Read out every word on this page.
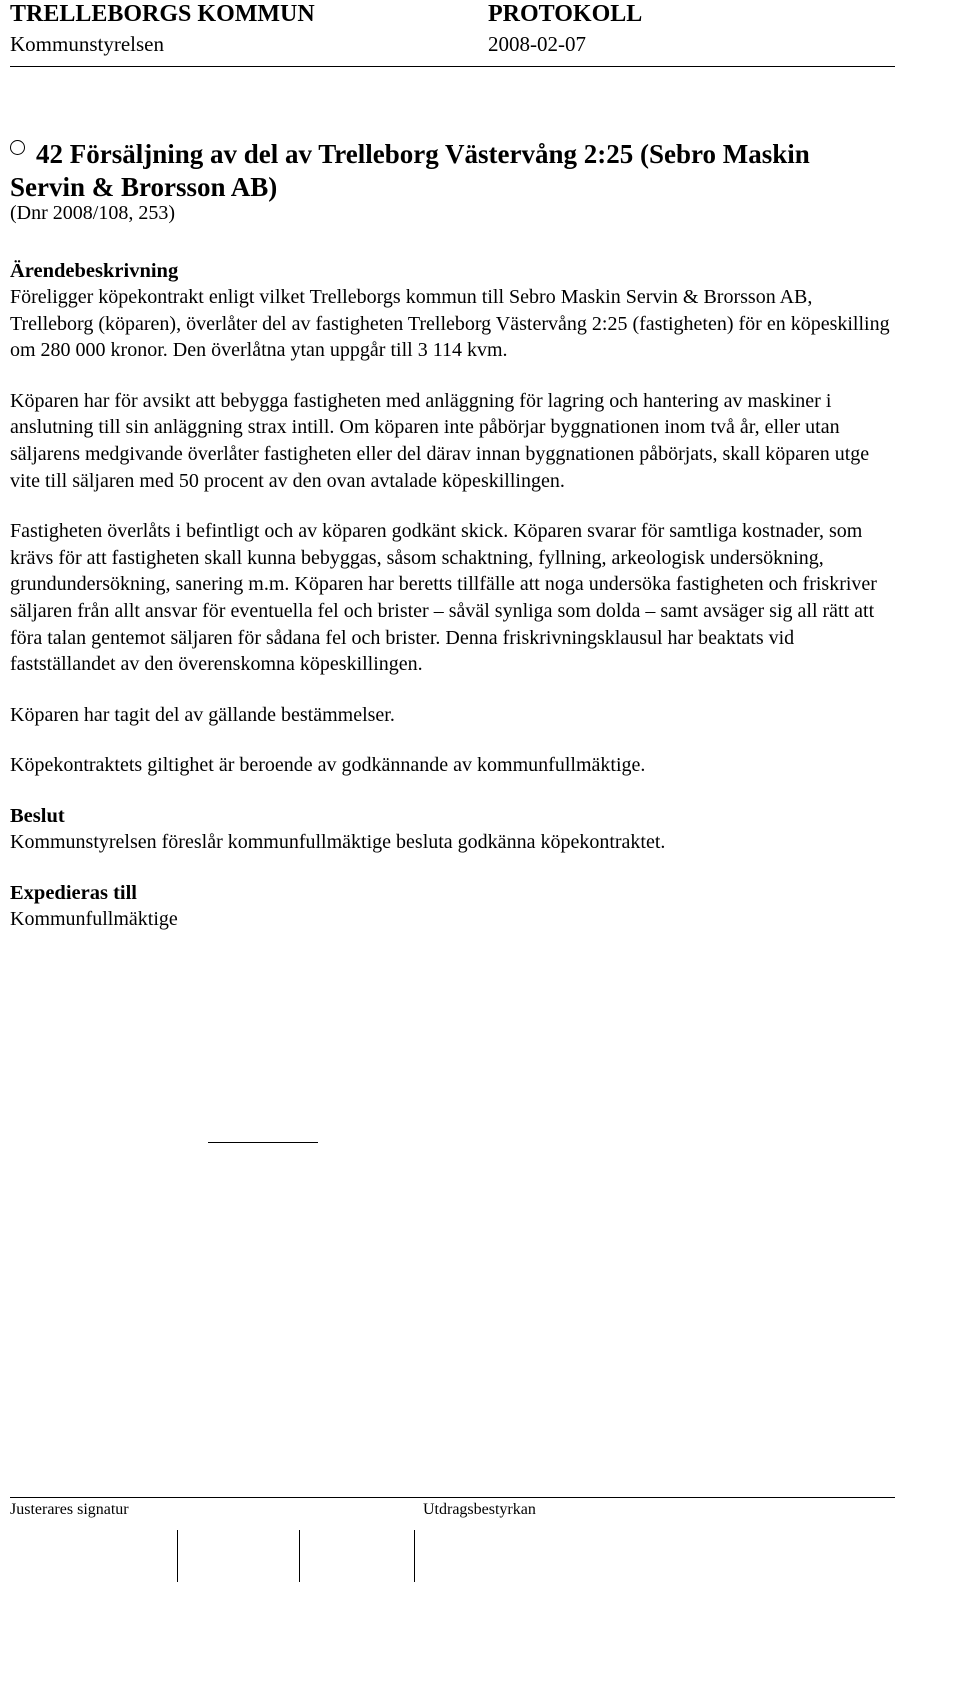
TRELLEBORGS KOMMUN	PROTOKOLL
Kommunstyrelsen	2008-02-07
42 Försäljning av del av Trelleborg Västervång 2:25 (Sebro Maskin
Servin & Brorsson AB)
(Dnr 2008/108, 253)

Ärendebeskrivning

Föreligger köpekontrakt enligt vilket Trelleborgs kommun till Sebro Maskin Servin & Brorsson AB, Trelleborg (köparen), överlåter del av fastigheten Trelleborg Västervång 2:25 (fastigheten) för en köpeskilling om 280 000 kronor. Den överlåtna ytan uppgår till 3 114 kvm.

Köparen har för avsikt att bebygga fastigheten med anläggning för lagring och hantering av maskiner i anslutning till sin anläggning strax intill. Om köparen inte påbörjar byggnationen inom två år, eller utan säljarens medgivande överlåter fastigheten eller del därav innan byggnationen påbörjats, skall köparen utge vite till säljaren med 50 procent av den ovan avtalade köpeskillingen.

Fastigheten överlåts i befintligt och av köparen godkänt skick. Köparen svarar för samtliga kostnader, som krävs för att fastigheten skall kunna bebyggas, såsom schaktning, fyllning, arkeologisk undersökning, grundundersökning, sanering m.m. Köparen har beretts tillfälle att noga undersöka fastigheten och friskriver säljaren från allt ansvar för eventuella fel och brister – såväl synliga som dolda – samt avsäger sig all rätt att föra talan gentemot säljaren för sådana fel och brister. Denna friskrivningsklausul har beaktats vid fastställandet av den överenskomna köpeskillingen.

Köparen har tagit del av gällande bestämmelser.

Köpekontraktets giltighet är beroende av godkännande av kommunfullmäktige.

Beslut

Kommunstyrelsen föreslår kommunfullmäktige besluta godkänna köpekontraktet.

Expedieras till

Kommunfullmäktige

Justerares signatur	Utdragsbestyrkan
